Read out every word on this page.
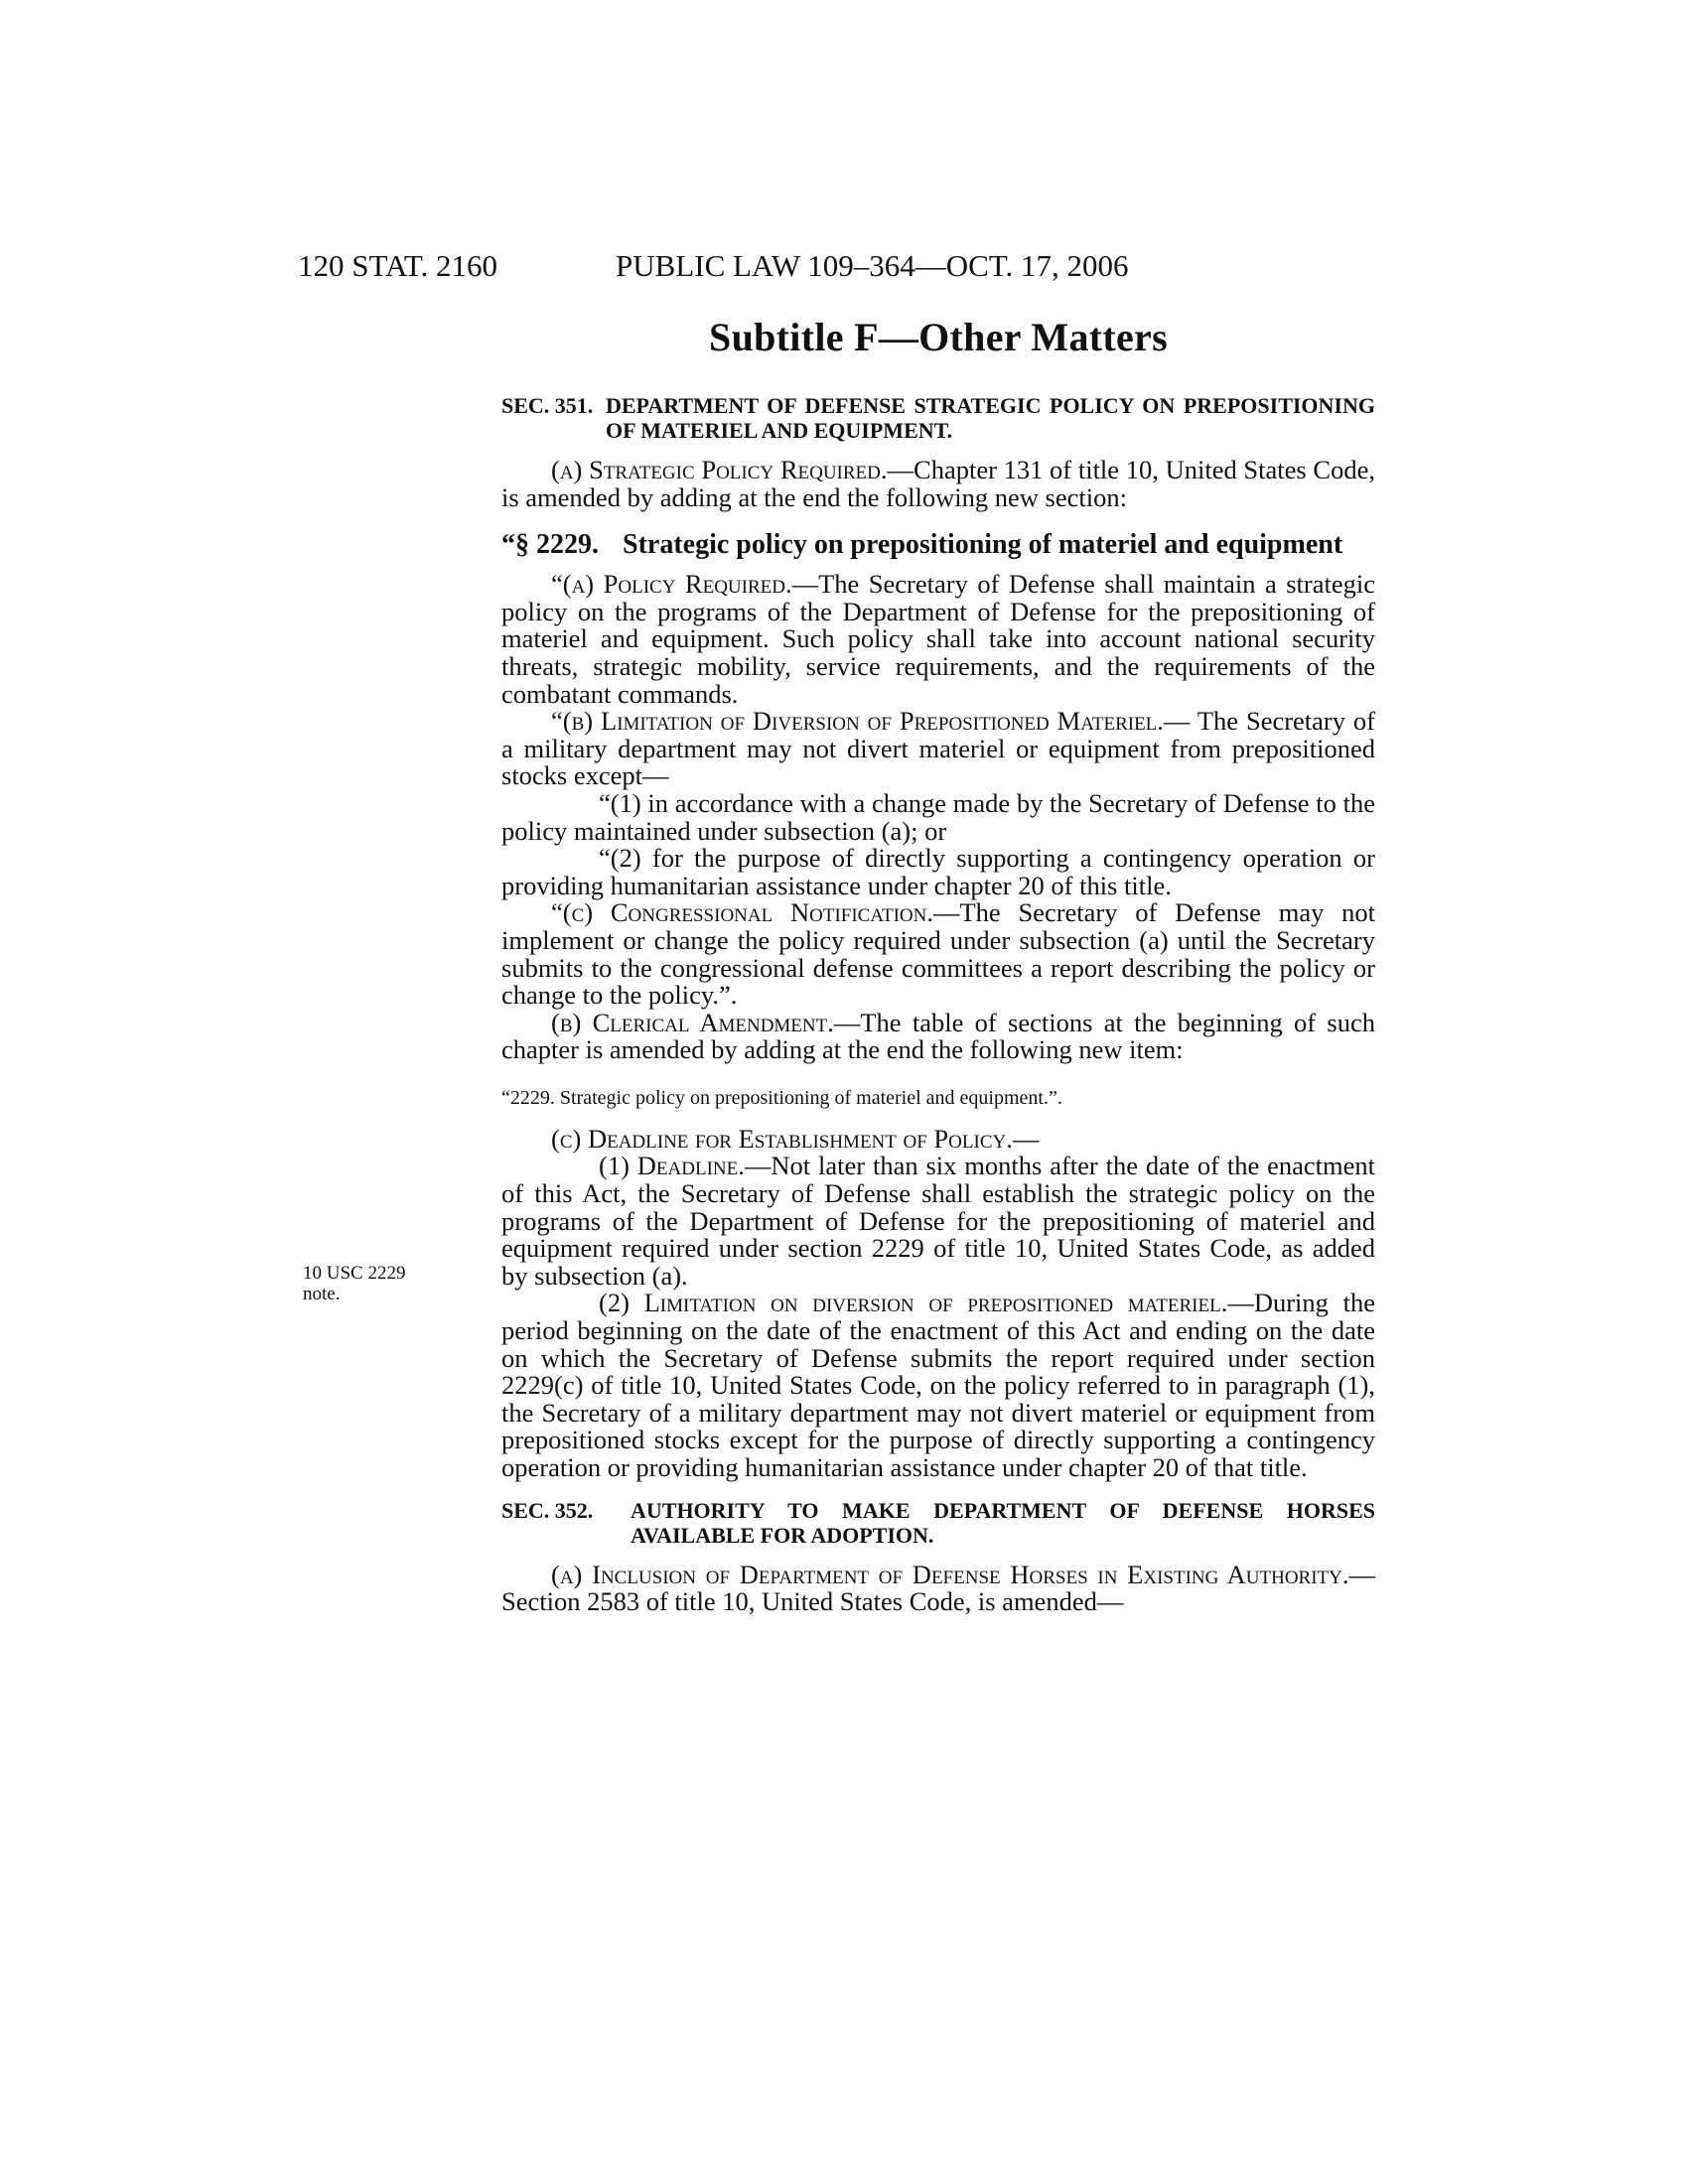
120 STAT. 2160	PUBLIC LAW 109–364—OCT. 17, 2006
Subtitle F—Other Matters
10 USC 2229
note.
SEC. 351. DEPARTMENT OF DEFENSE STRATEGIC POLICY ON PREPOSITIONING OF MATERIEL AND EQUIPMENT.

(a) Strategic Policy Required.—Chapter 131 of title 10, United States Code, is amended by adding at the end the following new section:

“§ 2229. Strategic policy on prepositioning of materiel and equipment

“(a) Policy Required.—The Secretary of Defense shall maintain a strategic policy on the programs of the Department of Defense for the prepositioning of materiel and equipment. Such policy shall take into account national security threats, strategic mobility, service requirements, and the requirements of the combatant commands.

“(b) Limitation of Diversion of Prepositioned Materiel.— The Secretary of a military department may not divert materiel or equipment from prepositioned stocks except—

“(1) in accordance with a change made by the Secretary of Defense to the policy maintained under subsection (a); or

“(2) for the purpose of directly supporting a contingency operation or providing humanitarian assistance under chapter 20 of this title.

“(c) Congressional Notification.—The Secretary of Defense may not implement or change the policy required under subsection (a) until the Secretary submits to the congressional defense committees a report describing the policy or change to the policy.”.

(b) Clerical Amendment.—The table of sections at the beginning of such chapter is amended by adding at the end the following new item:

“2229. Strategic policy on prepositioning of materiel and equipment.”.

(c) Deadline for Establishment of Policy.—

(1) Deadline.—Not later than six months after the date of the enactment of this Act, the Secretary of Defense shall establish the strategic policy on the programs of the Department of Defense for the prepositioning of materiel and equipment required under section 2229 of title 10, United States Code, as added by subsection (a).

(2) Limitation on diversion of prepositioned materiel.—During the period beginning on the date of the enactment of this Act and ending on the date on which the Secretary of Defense submits the report required under section 2229(c) of title 10, United States Code, on the policy referred to in paragraph (1), the Secretary of a military department may not divert materiel or equipment from prepositioned stocks except for the purpose of directly supporting a contingency operation or providing humanitarian assistance under chapter 20 of that title.

SEC. 352. AUTHORITY TO MAKE DEPARTMENT OF DEFENSE HORSES AVAILABLE FOR ADOPTION.

(a) Inclusion of Department of Defense Horses in Existing Authority.—Section 2583 of title 10, United States Code, is amended—
